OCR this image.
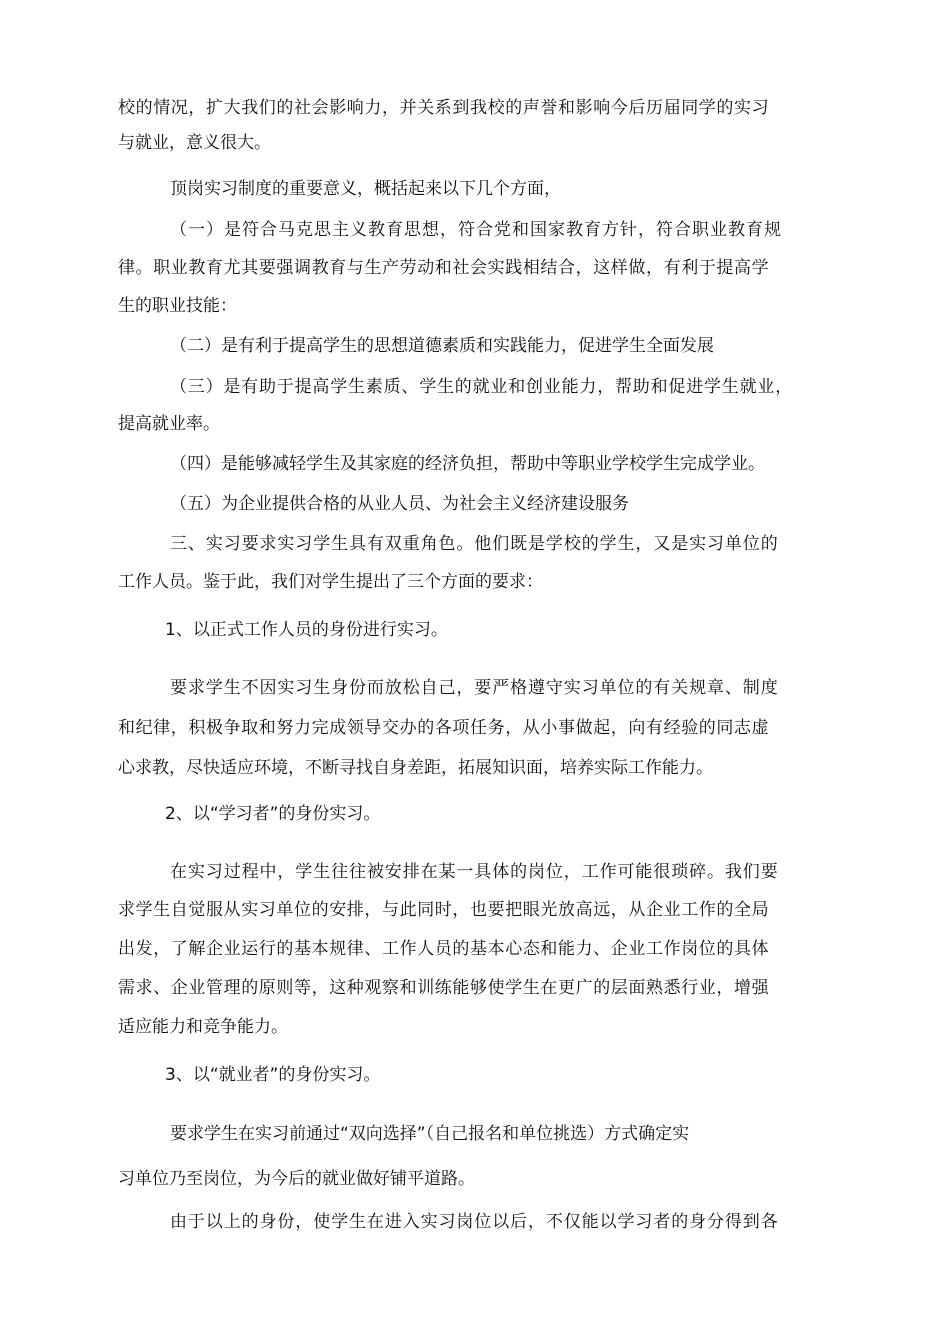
校的情况，扩大我们的社会影响力，并关系到我校的声誉和影响今后历届同学的实习
与就业，意义很大。
顶岗实习制度的重要意义，概括起来以下几个方面，
（一）是符合马克思主义教育思想，符合党和国家教育方针，符合职业教育规
律。职业教育尤其要强调教育与生产劳动和社会实践相结合，这样做，有利于提高学
生的职业技能：
（二）是有利于提高学生的思想道德素质和实践能力，促进学生全面发展
（三）是有助于提高学生素质、学生的就业和创业能力，帮助和促进学生就业，
提高就业率。
（四）是能够减轻学生及其家庭的经济负担，帮助中等职业学校学生完成学业。
（五）为企业提供合格的从业人员、为社会主义经济建设服务
三、实习要求实习学生具有双重角色。他们既是学校的学生，又是实习单位的
工作人员。鉴于此，我们对学生提出了三个方面的要求：
1、以正式工作人员的身份进行实习。
要求学生不因实习生身份而放松自己，要严格遵守实习单位的有关规章、制度
和纪律，积极争取和努力完成领导交办的各项任务，从小事做起，向有经验的同志虚
心求教，尽快适应环境，不断寻找自身差距，拓展知识面，培养实际工作能力。
2、以“学习者”的身份实习。
在实习过程中，学生往往被安排在某一具体的岗位，工作可能很琐碎。我们要
求学生自觉服从实习单位的安排，与此同时，也要把眼光放高远，从企业工作的全局
出发，了解企业运行的基本规律、工作人员的基本心态和能力、企业工作岗位的具体
需求、企业管理的原则等，这种观察和训练能够使学生在更广的层面熟悉行业，增强
适应能力和竞争能力。
3、以“就业者”的身份实习。
要求学生在实习前通过“双向选择”（自己报名和单位挑选）方式确定实
习单位乃至岗位，为今后的就业做好铺平道路。
由于以上的身份，使学生在进入实习岗位以后，不仅能以学习者的身分得到各
